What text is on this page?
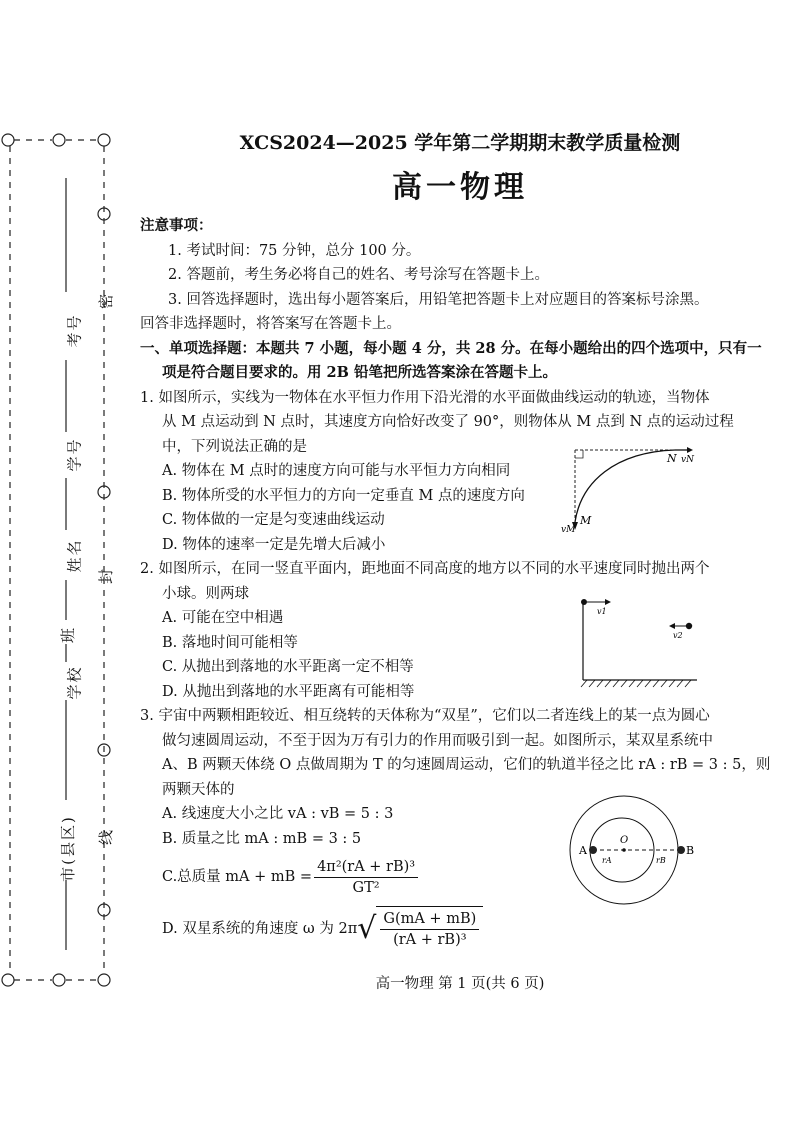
考号
学号
姓名
班
学校
市(县区)
密
封
线
XCS2024—2025 学年第二学期期末教学质量检测
高一物理
注意事项：
1. 考试时间：75 分钟，总分 100 分。
2. 答题前，考生务必将自己的姓名、考号涂写在答题卡上。
3. 回答选择题时，选出每小题答案后，用铅笔把答题卡上对应题目的答案标号涂黑。
回答非选择题时，将答案写在答题卡上。
一、单项选择题：本题共 7 小题，每小题 4 分，共 28 分。在每小题给出的四个选项中，只有一
项是符合题目要求的。用 2B 铅笔把所选答案涂在答题卡上。
1. 如图所示，实线为一物体在水平恒力作用下沿光滑的水平面做曲线运动的轨迹，当物体
从 M 点运动到 N 点时，其速度方向恰好改变了 90°，则物体从 M 点到 N 点的运动过程
中，下列说法正确的是
A. 物体在 M 点时的速度方向可能与水平恒力方向相同
B. 物体所受的水平恒力的方向一定垂直 M 点的速度方向
C. 物体做的一定是匀变速曲线运动
D. 物体的速率一定是先增大后减小
2. 如图所示，在同一竖直平面内，距地面不同高度的地方以不同的水平速度同时抛出两个
小球。则两球
A. 可能在空中相遇
B. 落地时间可能相等
C. 从抛出到落地的水平距离一定不相等
D. 从抛出到落地的水平距离有可能相等
3. 宇宙中两颗相距较近、相互绕转的天体称为“双星”，它们以二者连线上的某一点为圆心
做匀速圆周运动，不至于因为万有引力的作用而吸引到一起。如图所示，某双星系统中
A、B 两颗天体绕 O 点做周期为 T 的匀速圆周运动，它们的轨道半径之比 rA : rB = 3 : 5，则
两颗天体的
A. 线速度大小之比 vA : vB = 5 : 3
B. 质量之比 mA : mB = 3 : 5
C.总质量 mA + mB = $\frac{\text{4π²(rA + rB)³}}{\text{GT²}}$
D. 双星系统的角速度 ω 为 2π √ $\frac{G(mA + mB)}{\text{(rA + rB)³}}$
N vN
M
vM
v1
v2
A	B
O
rA	rB
高一物理 第 1 页(共 6 页)
